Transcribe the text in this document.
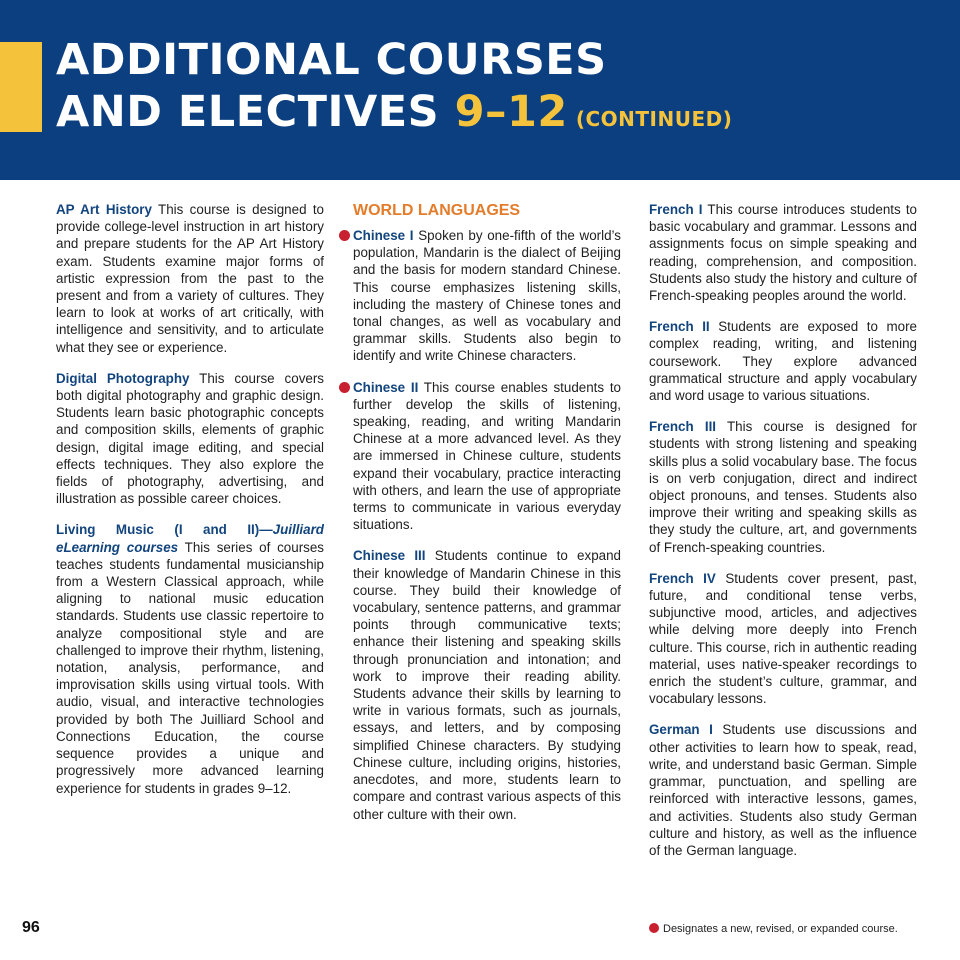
ADDITIONAL COURSES
AND ELECTIVES 9–12 (CONTINUED)

AP Art History This course is designed to provide college-level instruction in art history and prepare students for the AP Art History exam. Students examine major forms of artistic expression from the past to the present and from a variety of cultures. They learn to look at works of art critically, with intelligence and sensitivity, and to articulate what they see or experience.

Digital Photography This course covers both digital photography and graphic design. Students learn basic photographic concepts and composition skills, elements of graphic design, digital image editing, and special effects techniques. They also explore the fields of photography, advertising, and illustration as possible career choices.

Living Music (I and II)—Juilliard eLearning courses This series of courses teaches students fundamental musicianship from a Western Classical approach, while aligning to national music education standards. Students use classic repertoire to analyze compositional style and are challenged to improve their rhythm, listening, notation, analysis, performance, and improvisation skills using virtual tools. With audio, visual, and interactive technologies provided by both The Juilliard School and Connections Education, the course sequence provides a unique and progressively more advanced learning experience for students in grades 9–12.

WORLD LANGUAGES

Chinese I Spoken by one-fifth of the world’s population, Mandarin is the dialect of Beijing and the basis for modern standard Chinese. This course emphasizes listening skills, including the mastery of Chinese tones and tonal changes, as well as vocabulary and grammar skills. Students also begin to identify and write Chinese characters.

Chinese II This course enables students to further develop the skills of listening, speaking, reading, and writing Mandarin Chinese at a more advanced level. As they are immersed in Chinese culture, students expand their vocabulary, practice interacting with others, and learn the use of appropriate terms to communicate in various everyday situations.

Chinese III Students continue to expand their knowledge of Mandarin Chinese in this course. They build their knowledge of vocabulary, sentence patterns, and grammar points through communicative texts; enhance their listening and speaking skills through pronunciation and intonation; and work to improve their reading ability. Students advance their skills by learning to write in various formats, such as journals, essays, and letters, and by composing simplified Chinese characters. By studying Chinese culture, including origins, histories, anecdotes, and more, students learn to compare and contrast various aspects of this other culture with their own.

French I This course introduces students to basic vocabulary and grammar. Lessons and assignments focus on simple speaking and reading, comprehension, and composition. Students also study the history and culture of French-speaking peoples around the world.

French II Students are exposed to more complex reading, writing, and listening coursework. They explore advanced grammatical structure and apply vocabulary and word usage to various situations.

French III This course is designed for students with strong listening and speaking skills plus a solid vocabulary base. The focus is on verb conjugation, direct and indirect object pronouns, and tenses. Students also improve their writing and speaking skills as they study the culture, art, and governments of French-speaking countries.

French IV Students cover present, past, future, and conditional tense verbs, subjunctive mood, articles, and adjectives while delving more deeply into French culture. This course, rich in authentic reading material, uses native-speaker recordings to enrich the student’s culture, grammar, and vocabulary lessons.

German I Students use discussions and other activities to learn how to speak, read, write, and understand basic German. Simple grammar, punctuation, and spelling are reinforced with interactive lessons, games, and activities. Students also study German culture and history, as well as the influence of the German language.

96	Designates a new, revised, or expanded course.
